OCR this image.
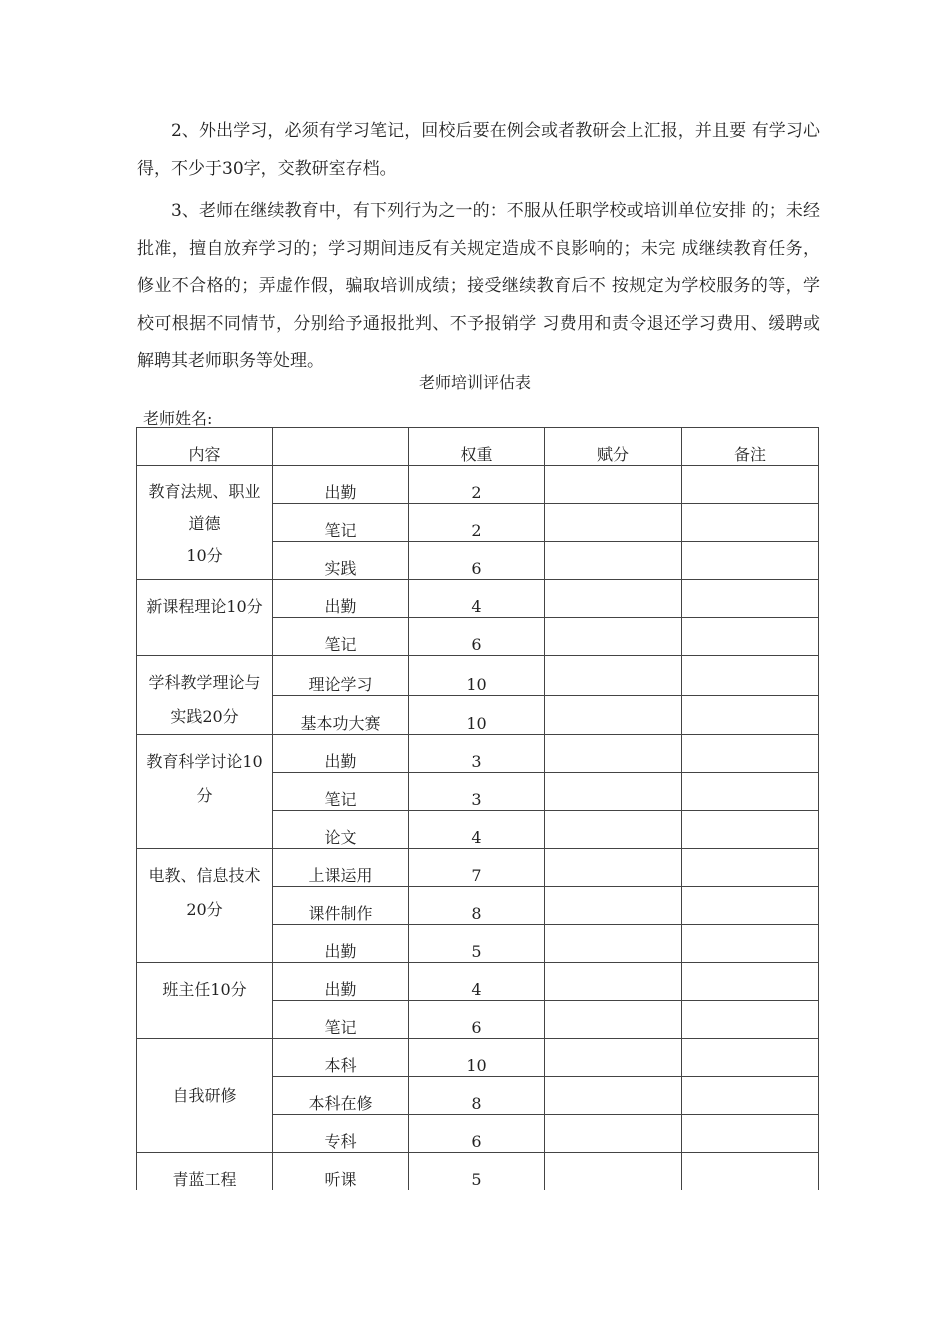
2、外出学习，必须有学习笔记，回校后要在例会或者教研会上汇报，并且要 有学习心得，不少于30字，交教研室存档。

3、老师在继续教育中，有下列行为之一的：不服从任职学校或培训单位安排 的；未经批准，擅自放弃学习的；学习期间违反有关规定造成不良影响的；未完 成继续教育任务，修业不合格的；弄虚作假，骗取培训成绩；接受继续教育后不 按规定为学校服务的等，学校可根据不同情节，分别给予通报批判、不予报销学 习费用和责令退还学习费用、缓聘或解聘其老师职务等处理。

老师培训评估表

老师姓名:
内容		权重	赋分	备注

教育法规、职业道德
10分	出勤	2		
	笔记	2		
	实践	6		

新课程理论10分	出勤	4		
	笔记	6		

学科教学理论与实践20分	理论学习	10		
	基本功大赛	10		

教育科学讨论10分	出勤	3		
	笔记	3		
	论文	4		

电教、信息技术20分	上课运用	7		
	课件制作	8		
	出勤	5		

班主任10分	出勤	4		
	笔记	6		

自我研修	本科	10		
	本科在修	8		
	专科	6		

青蓝工程	听课	5		
